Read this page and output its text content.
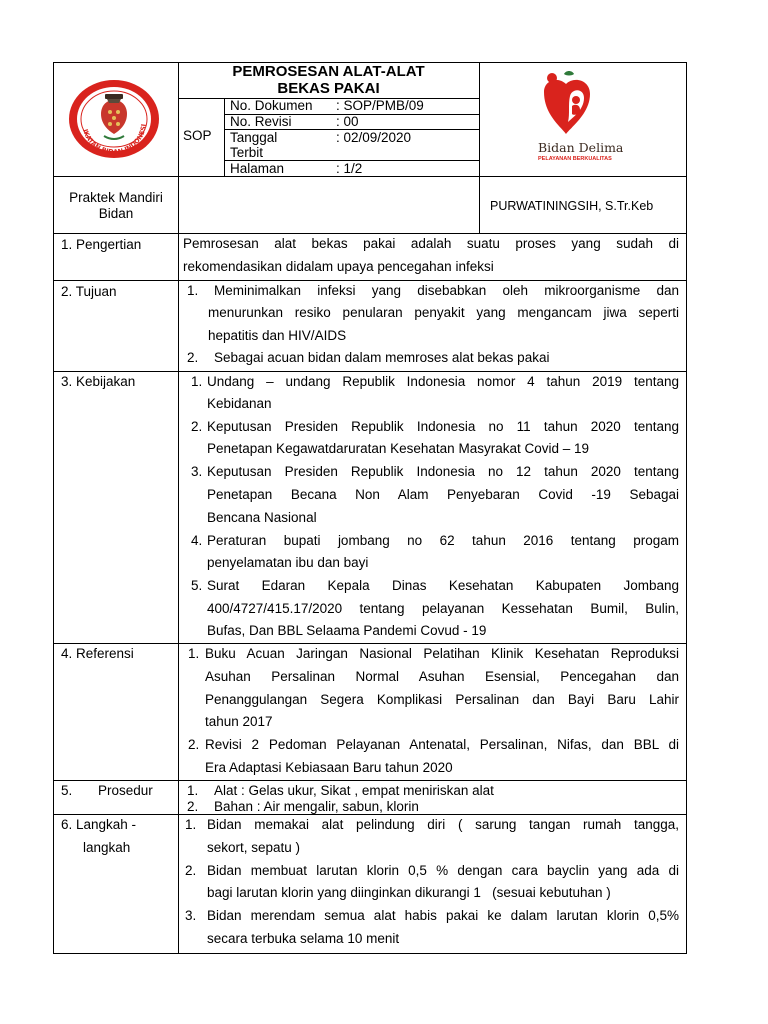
IKATAN BIDAN INDONESI
PEMROSESAN ALAT-ALAT
BEKAS PAKAI
SOP
No. Dokumen : SOP/PMB/09
No. Revisi	: 00
Tanggal
Terbit
: 02/09/2020
Halaman	: 1/2
Bidan Delima
PELAYANAN BERKUALITAS
Praktek Mandiri
Bidan	PURWATININGSIH, S.Tr.Keb
1. Pengertian	Pemrosesan alat bekas pakai adalah suatu proses yang sudah di
rekomendasikan didalam upaya pencegahan infeksi
2. Tujuan	1. Meminimalkan infeksi yang disebabkan oleh mikroorganisme dan
menurunkan resiko penularan penyakit yang mengancam jiwa seperti
hepatitis dan HIV/AIDS
2. Sebagai acuan bidan dalam memroses alat bekas pakai
3. Kebijakan	1. Undang – undang Republik Indonesia nomor 4 tahun 2019 tentang
Kebidanan
2. Keputusan Presiden Republik Indonesia no 11 tahun 2020 tentang
Penetapan Kegawatdaruratan Kesehatan Masyrakat Covid – 19
3. Keputusan Presiden Republik Indonesia no 12 tahun 2020 tentang
Penetapan Becana Non Alam Penyebaran Covid -19 Sebagai
Bencana Nasional
4. Peraturan bupati jombang no 62 tahun 2016 tentang progam
penyelamatan ibu dan bayi
5. Surat Edaran Kepala Dinas Kesehatan Kabupaten Jombang
400/4727/415.17/2020 tentang pelayanan Kessehatan Bumil, Bulin,
Bufas, Dan BBL Selaama Pandemi Covud - 19
4. Referensi	1. Buku Acuan Jaringan Nasional Pelatihan Klinik Kesehatan Reproduksi
Asuhan Persalinan Normal Asuhan Esensial, Pencegahan dan
Penanggulangan Segera Komplikasi Persalinan dan Bayi Baru Lahir
tahun 2017
2. Revisi 2 Pedoman Pelayanan Antenatal, Persalinan, Nifas, dan BBL di
Era Adaptasi Kebiasaan Baru tahun 2020
5. Prosedur	1. Alat : Gelas ukur, Sikat , empat meniriskan alat
2. Bahan : Air mengalir, sabun, klorin
6. Langkah -
langkah
1. Bidan memakai alat pelindung diri ( sarung tangan rumah tangga,
sekort, sepatu )
2. Bidan membuat larutan klorin 0,5 % dengan cara bayclin yang ada di
bagi larutan klorin yang diinginkan dikurangi 1   (sesuai kebutuhan )
3. Bidan merendam semua alat habis pakai ke dalam larutan klorin 0,5%
secara terbuka selama 10 menit
